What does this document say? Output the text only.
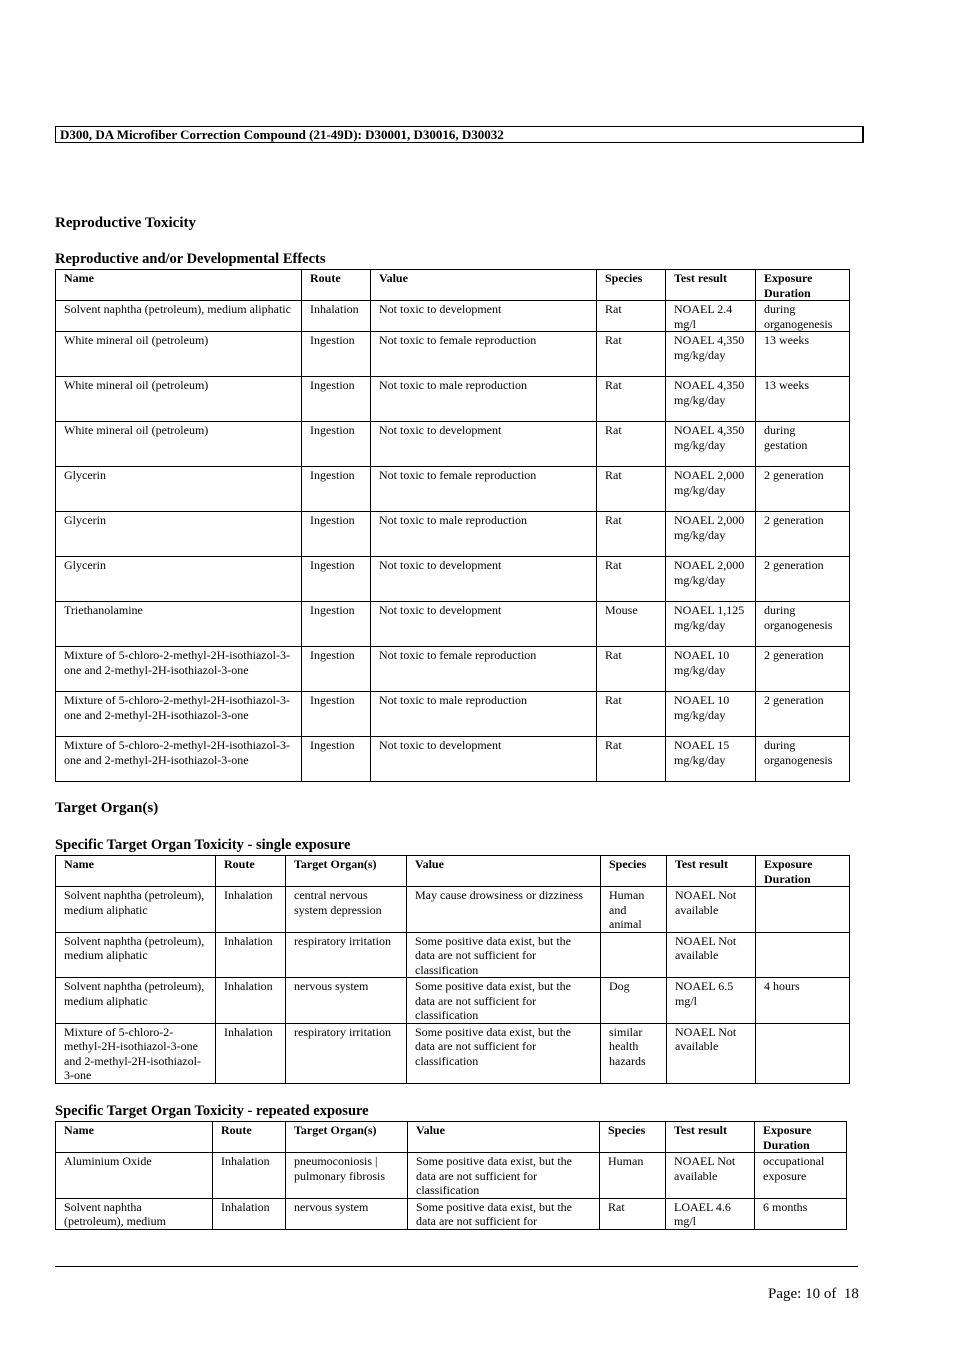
D300, DA Microfiber Correction Compound (21-49D): D30001, D30016, D30032
Reproductive Toxicity
Reproductive and/or Developmental Effects
Name	Route	Value	Species	Test result	Exposure Duration
Solvent naphtha (petroleum), medium aliphatic	Inhalation	Not toxic to development	Rat	NOAEL 2.4 mg/l	during organogenesis
White mineral oil (petroleum)	Ingestion	Not toxic to female reproduction	Rat	NOAEL 4,350 mg/kg/day	13 weeks
White mineral oil (petroleum)	Ingestion	Not toxic to male reproduction	Rat	NOAEL 4,350 mg/kg/day	13 weeks
White mineral oil (petroleum)	Ingestion	Not toxic to development	Rat	NOAEL 4,350 mg/kg/day	during gestation
Glycerin	Ingestion	Not toxic to female reproduction	Rat	NOAEL 2,000 mg/kg/day	2 generation
Glycerin	Ingestion	Not toxic to male reproduction	Rat	NOAEL 2,000 mg/kg/day	2 generation
Glycerin	Ingestion	Not toxic to development	Rat	NOAEL 2,000 mg/kg/day	2 generation
Triethanolamine	Ingestion	Not toxic to development	Mouse	NOAEL 1,125 mg/kg/day	during organogenesis
Mixture of 5-chloro-2-methyl-2H-isothiazol-3-one and 2-methyl-2H-isothiazol-3-one	Ingestion	Not toxic to female reproduction	Rat	NOAEL 10 mg/kg/day	2 generation
Mixture of 5-chloro-2-methyl-2H-isothiazol-3-one and 2-methyl-2H-isothiazol-3-one	Ingestion	Not toxic to male reproduction	Rat	NOAEL 10 mg/kg/day	2 generation
Mixture of 5-chloro-2-methyl-2H-isothiazol-3-one and 2-methyl-2H-isothiazol-3-one	Ingestion	Not toxic to development	Rat	NOAEL 15 mg/kg/day	during organogenesis
Target Organ(s)
Specific Target Organ Toxicity - single exposure
Name	Route	Target Organ(s)	Value	Species	Test result	Exposure Duration
Solvent naphtha (petroleum), medium aliphatic	Inhalation	central nervous system depression	May cause drowsiness or dizziness	Human and animal	NOAEL Not available	
Solvent naphtha (petroleum), medium aliphatic	Inhalation	respiratory irritation	Some positive data exist, but the data are not sufficient for classification		NOAEL Not available	
Solvent naphtha (petroleum), medium aliphatic	Inhalation	nervous system	Some positive data exist, but the data are not sufficient for classification	Dog	NOAEL 6.5 mg/l	4 hours
Mixture of 5-chloro-2-methyl-2H-isothiazol-3-one and 2-methyl-2H-isothiazol-3-one	Inhalation	respiratory irritation	Some positive data exist, but the data are not sufficient for classification	similar health hazards	NOAEL Not available	
Specific Target Organ Toxicity - repeated exposure
Name	Route	Target Organ(s)	Value	Species	Test result	Exposure Duration
Aluminium Oxide	Inhalation	pneumoconiosis | pulmonary fibrosis	Some positive data exist, but the data are not sufficient for classification	Human	NOAEL Not available	occupational exposure
Solvent naphtha (petroleum), medium	Inhalation	nervous system	Some positive data exist, but the data are not sufficient for	Rat	LOAEL 4.6 mg/l	6 months
Page: 10 of  18
